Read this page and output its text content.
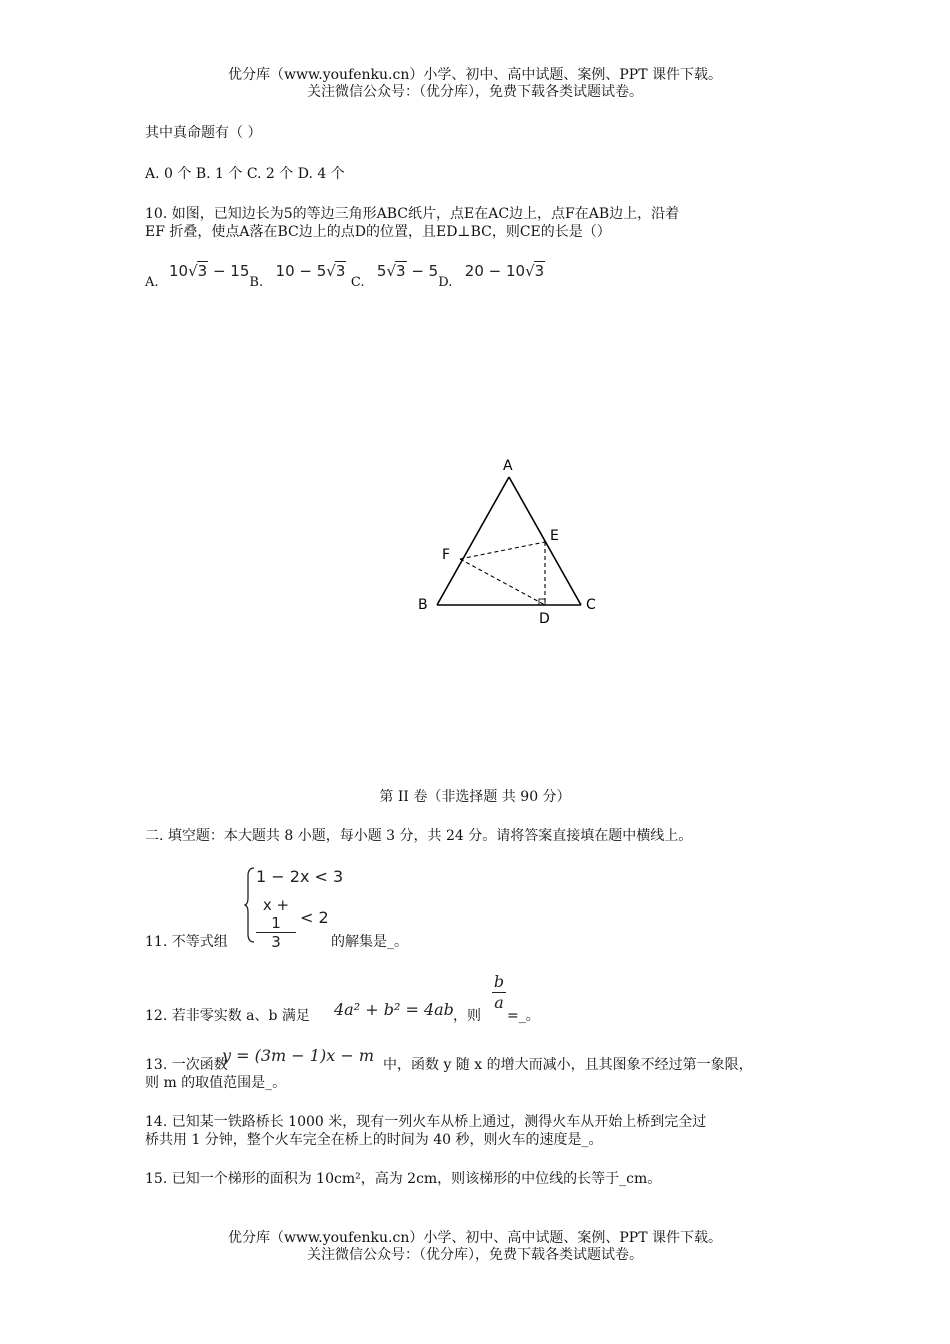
优分库（www.youfenku.cn）小学、初中、高中试题、案例、PPT 课件下载。
关注微信公众号：（优分库），免费下载各类试题试卷。
其中真命题有（ ）
A. 0 个 B. 1 个 C. 2 个 D. 4 个
10. 如图，已知边长为5的等边三角形ABC纸片，点E在AC边上，点F在AB边上，沿着
EF 折叠，使点A落在BC边上的点D的位置，且ED⊥BC，则CE的长是（）
A. 10√3 − 15B. 10 − 5√3 C. 5√3 − 5D. 20 − 10√3
A
B	C
D
E
F
第 II 卷（非选择题 共 90 分）
二. 填空题：本大题共 8 小题，每小题 3 分，共 24 分。请将答案直接填在题中横线上。
11. 不等式组
1 − 2x < 3
$\frac{x + 1}{3} < 2$
的解集是_。
12. 若非零实数 a、b 满足 4a² + b² = 4ab ，则
$\frac{b}{a}$
=_。
13. 一次函数
y = (3m − 1)x − m 中，函数 y 随 x 的增大而减小，且其图象不经过第一象限，
则 m 的取值范围是_。
14. 已知某一铁路桥长 1000 米，现有一列火车从桥上通过，测得火车从开始上桥到完全过
桥共用 1 分钟，整个火车完全在桥上的时间为 40 秒，则火车的速度是_。
15. 已知一个梯形的面积为 10cm²，高为 2cm，则该梯形的中位线的长等于_cm。
优分库（www.youfenku.cn）小学、初中、高中试题、案例、PPT 课件下载。
关注微信公众号：（优分库），免费下载各类试题试卷。
